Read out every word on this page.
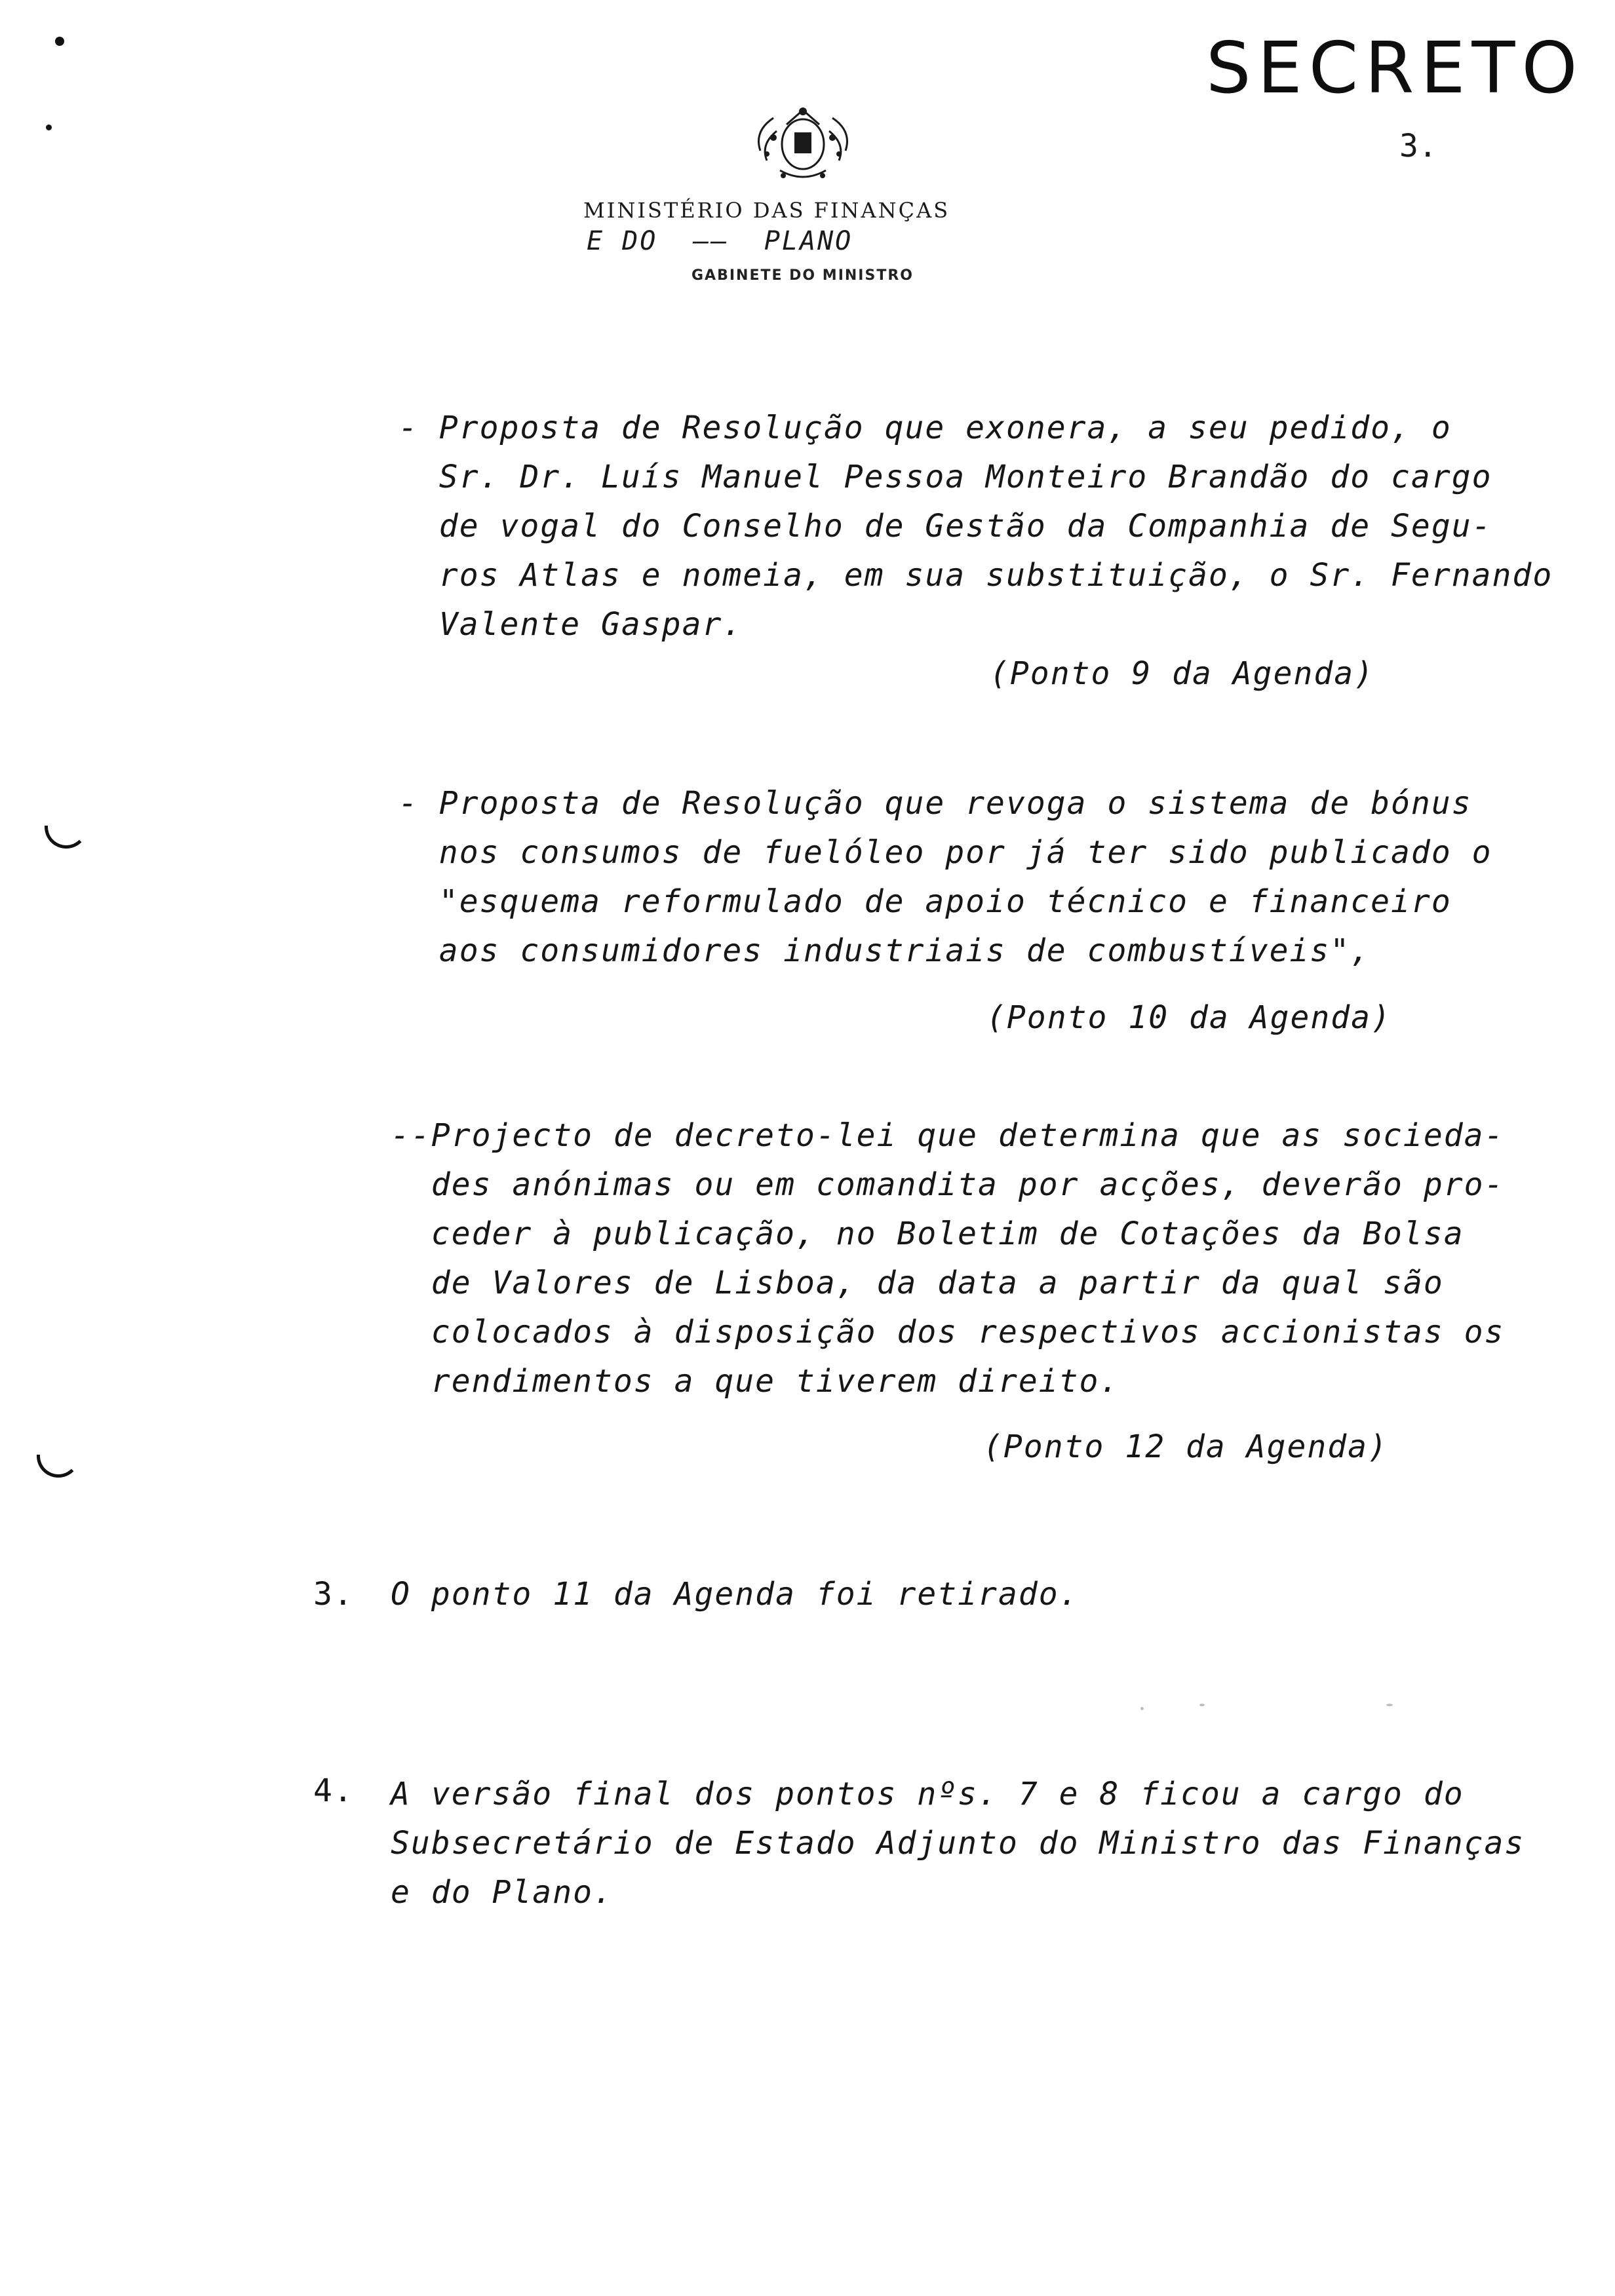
SECRETO
3.
MINISTÉRIO DAS FINANÇAS
E DO  ——  PLANO
GABINETE DO MINISTRO
- Proposta de Resolução que exonera, a seu pedido, o
Sr. Dr. Luís Manuel Pessoa Monteiro Brandão do cargo
de vogal do Conselho de Gestão da Companhia de Segu-
ros Atlas e nomeia, em sua substituição, o Sr. Fernando
Valente Gaspar.
(Ponto 9 da Agenda)
- Proposta de Resolução que revoga o sistema de bónus
nos consumos de fuelóleo por já ter sido publicado o
"esquema reformulado de apoio técnico e financeiro
aos consumidores industriais de combustíveis",
(Ponto 10 da Agenda)
--Projecto de decreto-lei que determina que as socieda-
des anónimas ou em comandita por acções, deverão pro-
ceder à publicação, no Boletim de Cotações da Bolsa
de Valores de Lisboa, da data a partir da qual são
colocados à disposição dos respectivos accionistas os
rendimentos a que tiverem direito.
(Ponto 12 da Agenda)
3. O ponto 11 da Agenda foi retirado.
4. A versão final dos pontos nºs. 7 e 8 ficou a cargo do
Subsecretário de Estado Adjunto do Ministro das Finanças
e do Plano.
